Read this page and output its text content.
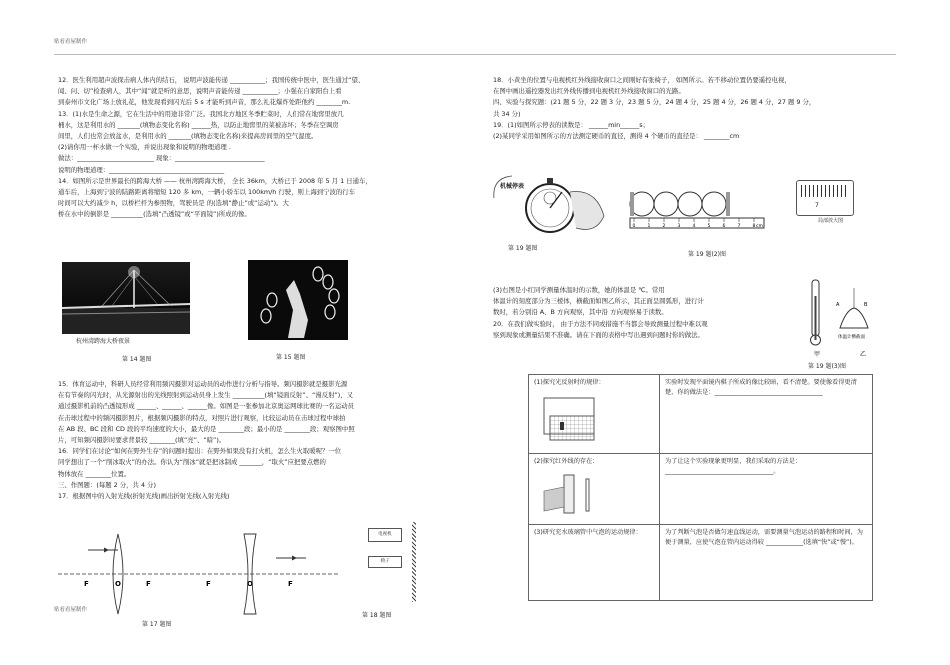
贴看看屋制作

12．医生利用超声波探击病人体内的结石， 说明声波能传递 ___________；我国传统中医中，医生通过“望、

闻、问、切”检查病人，其中“闻”就是听的意思，说明声音能传递 ___________；小强在自家阳台上看

到泰州市文化广场上放礼花，他发现看到闪光后 5 s 才能听到声音，那么礼花爆炸处距他约 ________m.

13．(1)水是生命之源，它在生活中的用途非常广泛。我国北方地区冬季贮菜时，人们常在地窖里放几

桶水，这是利用水的 _______(填物态变化名称) ______热，以防止地窖里的菜被冻坏；冬季在空调房

间里，人们也常会放盆水，是利用水的 _______(填物态变化名称)来提高房间里的空气湿度。

(2)请你用一杯水做一个实验，并说出现象和说明的物理道理 .

做法：________________________ 现象：____________________________

说明的物理道理：____________________________________

14．如图所示是世界最长的跨海大桥 —— 杭州湾跨海大桥， 全长 36km，大桥已于 2008 年 5 月 1 日通车，

通车后，上海到宁波的陆路距离将缩短 120 多 km，一辆小轿车以 100km/h 行驶，则上海到宁波的行车

时间可以大约减少 h，以桥栏杆为参照物，驾驶员是 的(选填“静止”或“运动”)。大

桥在水中的倒影是 __________(选填“凸透镜”或“平面镜”)所成的像。

杭州湾跨海大桥夜景
第 14 题图	第 15 题图

15．体育运动中，科研人员经常利用频闪摄影对运动员的动作进行分析与指导。频闪摄影就是摄影光源

在有节奏的闪光时，从光源射出的光线照射到运动员身上发生 __________(填“镜面反射”、“漫反射”)，又

通过摄影机前的凸透镜形成 ______、______、______像。如图是一张参加北京奥运网球比赛的一名运动员

在击球过程中的频闪摄影照片，根据频闪摄影的特点，对照片进行观察，比较运动员在击球过程中球拍

在 AB 段、BC 段和 CD 段的平均速度的大小，最大的是 ________段；最小的是 ________段；观察图中照

片，可知频闪摄影时要求背景较 ________(填“亮”、“暗”)。

16．同学们在讨论“如何在野外生存”的问题时提出：在野外如果没有打火机，怎么生火取暖呢？一位

同学想出了一个“削冰取火”的办法。你认为“削冰”就是把冰制成 _______，“取火”应把要点燃的

物体放在 ________位置。

三、作图题：(每题 2 分，共 4 分)

17．根据图中的入射光线(折射光线)画出折射光线(入射光线)

F	O	F	F	O	F
第 17 题图
电视机
椅子
第 18 题图

18．小黄坐的位置与电视机红外线接收窗口之间刚好有张椅子， 如图所示。若不移动位置仍要遥控电视，

在图中画出遥控器发出红外线传播到电视机红外线接收窗口的光路。

四、实验与探究题：(21 题 5 分，22 题 3 分，23 题 5 分，24 题 4 分，25 题 4 分，26 题 4 分，27 题 9 分，

共 34 分)

19．(1)如图所示停表的读数是： ______min______s；

(2)某同学采用如图所示的方法测定硬币的直径，测得 4 个硬币的直径是： ________cm

机械停表
0	1	2	3	4	5	6	7	8 cm
7
局部放大图
第 19 题图
第 19 题(2)图

(3)右图是小红同学测量体温时的示数，她的体温是 ℃。常用

体温计的刻度部分为三棱体，横截面如图乙所示，其正面呈圆弧形，进行计

数时，若分别沿 A、B 方向观察，其中沿 方向观察易于读数。

20．在我们做实验时， 由于方法不同或措施不当都会导致测量过程中难以观

察到现象或测量结果不准确。请在下面的表格中写出遇到问题时你的做法。

A	B
体温计横截面
甲	乙
第 19 题(3)图
(1)探究光反射时的规律：	实验时发现平面镜内棋子所成的像比较暗，看不清楚。要使像看得更清楚，你的做法是：___________________________________

(2)探究红外线的存在：	为了让这个实验现象更明显，我们采取的方法是：___________________________________。
(3)研究充水玻璃管中气泡的运动规律：	为了判断气泡是否做匀速直线运动，需要测量气泡运动的路程和时间，为便于测量，应使气泡在管内运动得较 ____________(选填“快”或“慢”)。
贴看看屋制作
